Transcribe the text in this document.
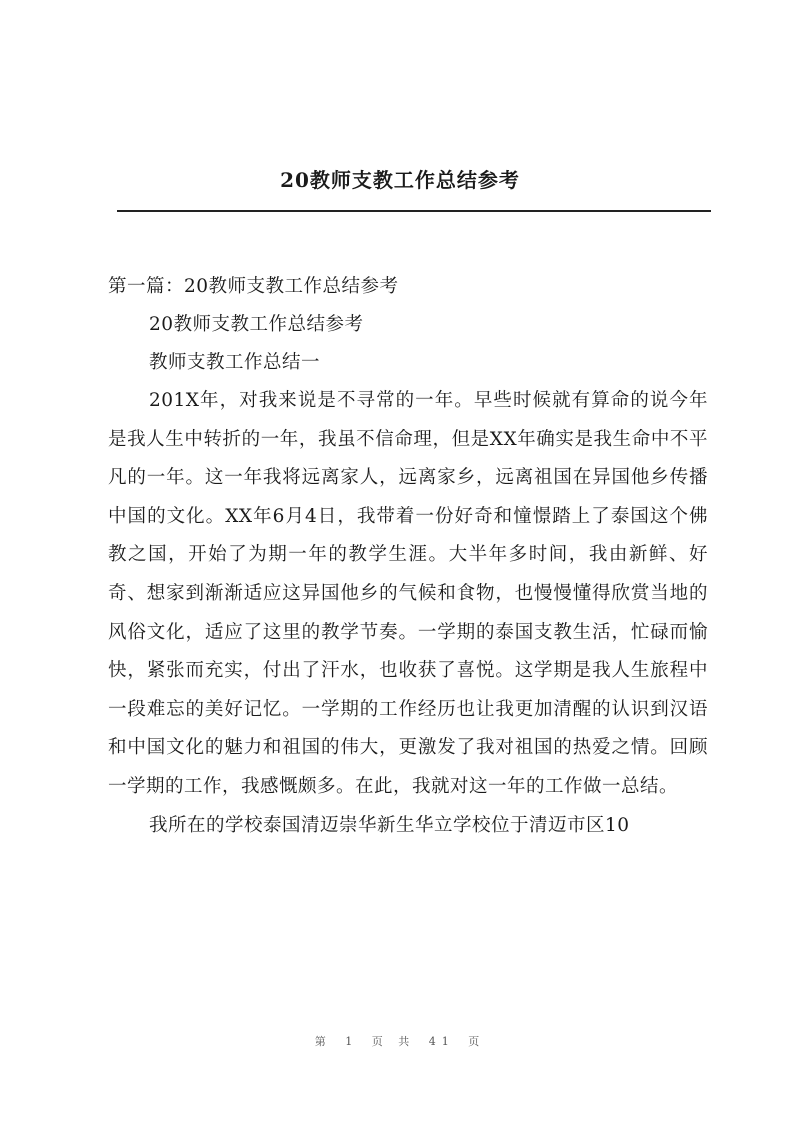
20教师支教工作总结参考
第一篇：20教师支教工作总结参考
20教师支教工作总结参考
教师支教工作总结一

201X年，对我来说是不寻常的一年。早些时候就有算命的说今年是我人生中转折的一年，我虽不信命理，但是XX年确实是我生命中不平凡的一年。这一年我将远离家人，远离家乡，远离祖国在异国他乡传播中国的文化。XX年6月4日，我带着一份好奇和憧憬踏上了泰国这个佛教之国，开始了为期一年的教学生涯。大半年多时间，我由新鲜、好奇、想家到渐渐适应这异国他乡的气候和食物，也慢慢懂得欣赏当地的风俗文化，适应了这里的教学节奏。一学期的泰国支教生活，忙碌而愉快，紧张而充实，付出了汗水，也收获了喜悦。这学期是我人生旅程中一段难忘的美好记忆。一学期的工作经历也让我更加清醒的认识到汉语和中国文化的魅力和祖国的伟大，更激发了我对祖国的热爱之情。回顾一学期的工作，我感慨颇多。在此，我就对这一年的工作做一总结。

我所在的学校泰国清迈崇华新生华立学校位于清迈市区10

第 1 页 共 41 页
